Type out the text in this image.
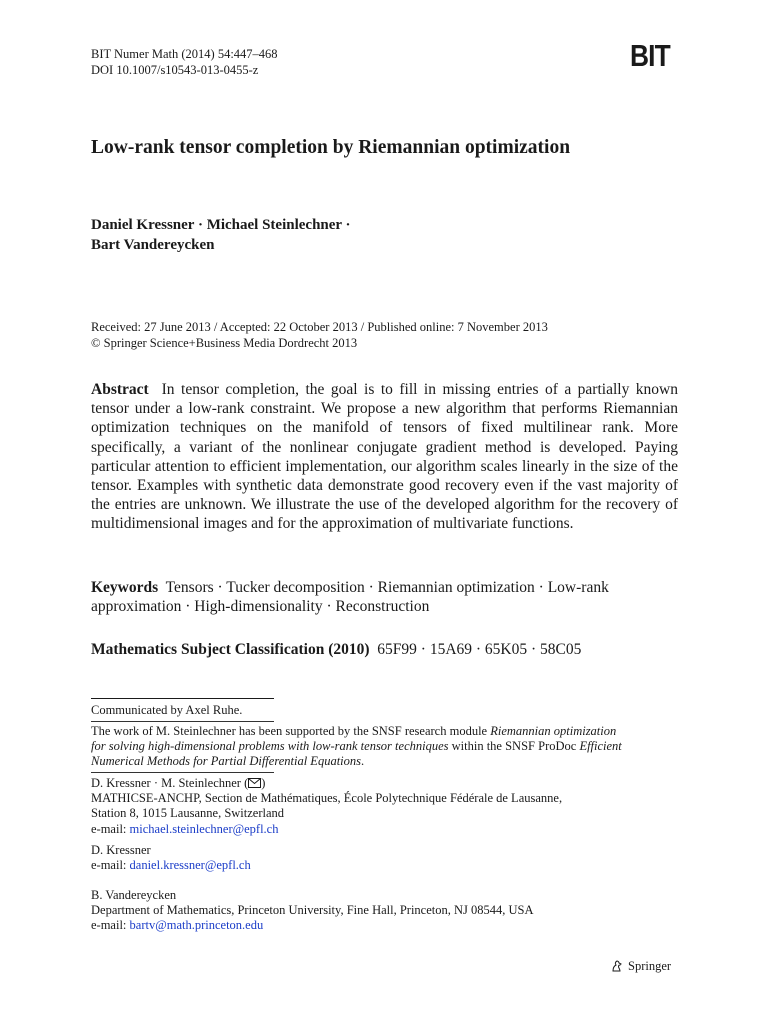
BIT Numer Math (2014) 54:447–468
DOI 10.1007/s10543-013-0455-z	BIT
Low-rank tensor completion by Riemannian optimization
Daniel Kressner · Michael Steinlechner ·
Bart Vandereycken
Received: 27 June 2013 / Accepted: 22 October 2013 / Published online: 7 November 2013
© Springer Science+Business Media Dordrecht 2013
Abstract In tensor completion, the goal is to fill in missing entries of a partially known tensor under a low-rank constraint. We propose a new algorithm that performs Riemannian optimization techniques on the manifold of tensors of fixed multilinear rank. More specifically, a variant of the nonlinear conjugate gradient method is developed. Paying particular attention to efficient implementation, our algorithm scales linearly in the size of the tensor. Examples with synthetic data demonstrate good recovery even if the vast majority of the entries are unknown. We illustrate the use of the developed algorithm for the recovery of multidimensional images and for the approximation of multivariate functions.
Keywords Tensors · Tucker decomposition · Riemannian optimization · Low-rank approximation · High-dimensionality · Reconstruction
Mathematics Subject Classification (2010) 65F99 · 15A69 · 65K05 · 58C05
Communicated by Axel Ruhe.
The work of M. Steinlechner has been supported by the SNSF research module Riemannian optimization for solving high-dimensional problems with low-rank tensor techniques within the SNSF ProDoc Efficient Numerical Methods for Partial Differential Equations.
D. Kressner · M. Steinlechner ( )
MATHICSE-ANCHP, Section de Mathématiques, École Polytechnique Fédérale de Lausanne,
Station 8, 1015 Lausanne, Switzerland
e-mail: michael.steinlechner@epfl.ch
D. Kressner
e-mail: daniel.kressner@epfl.ch
B. Vandereycken
Department of Mathematics, Princeton University, Fine Hall, Princeton, NJ 08544, USA
e-mail: bartv@math.princeton.edu
Springer
